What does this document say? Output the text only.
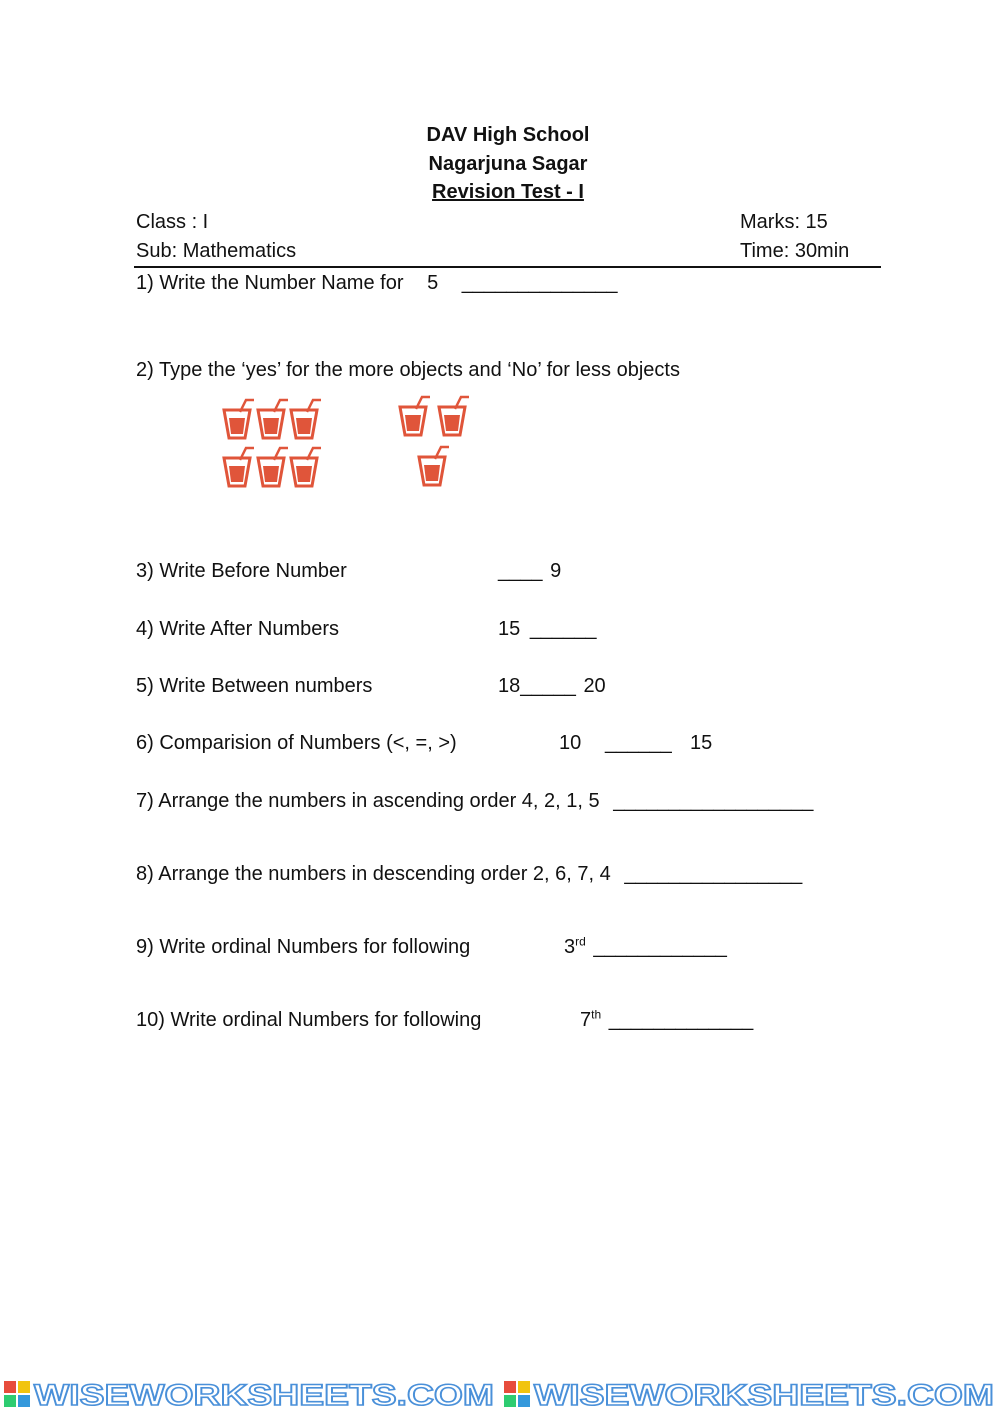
DAV High School
Nagarjuna Sagar
Revision Test - I
Class : I	Marks: 15
Sub: Mathematics	Time: 30min
1) Write the Number Name for 5 ______________
2) Type the ‘yes’ for the more objects and ‘No’ for less objects
3) Write Before Number	____ 9
4) Write After Numbers	15 ______
5) Write Between numbers	18_____ 20
6) Comparision of Numbers (<, =, >)	10 ______ 15
7) Arrange the numbers in ascending order 4, 2, 1, 5 __________________
8) Arrange the numbers in descending order 2, 6, 7, 4 ________________
9) Write ordinal Numbers for following	3rd ____________
10) Write ordinal Numbers for following	7th _____________
WISEWORKSHEETS.COM WISEWORKSHEETS.COM
